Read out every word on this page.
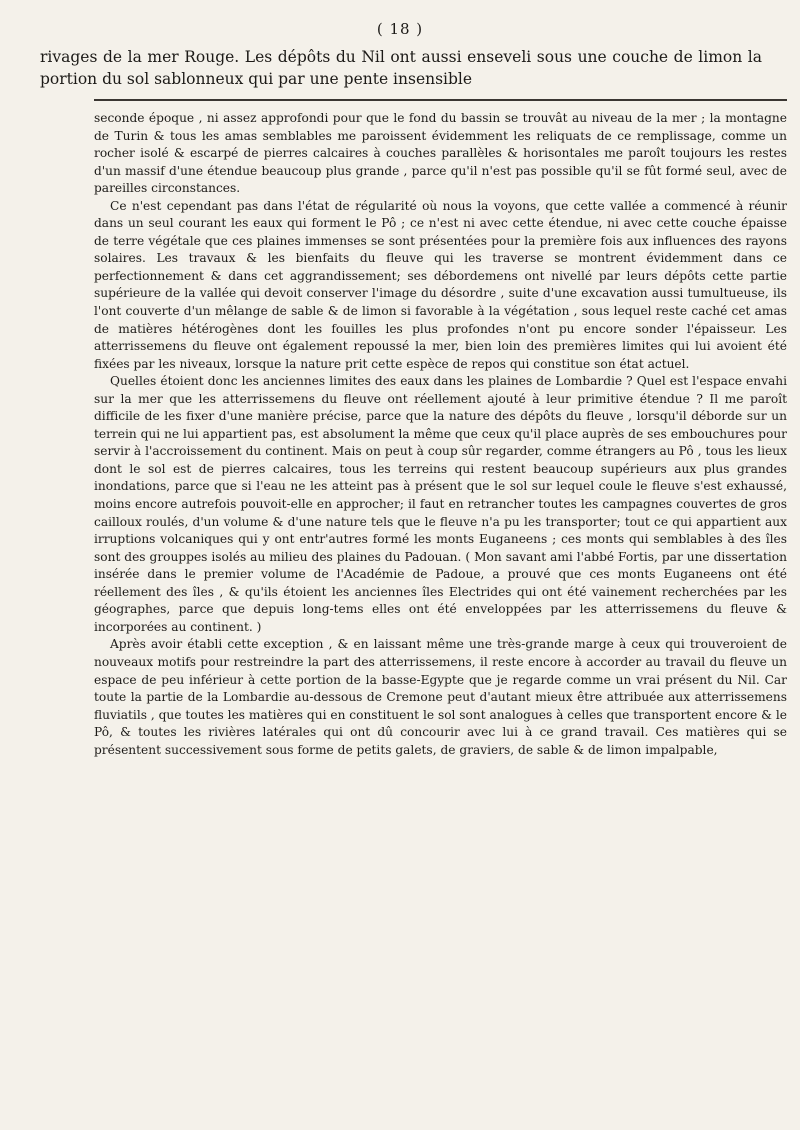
( 18 )
rivages de la mer Rouge. Les dépôts du Nil ont aussi enseveli sous une couche de limon la portion du sol sablonneux qui par une pente insensible

seconde époque , ni assez approfondi pour que le fond du bassin se trouvât au niveau de la mer ; la montagne de Turin & tous les amas semblables me paroissent évidemment les reliquats de ce remplissage, comme un rocher isolé & escarpé de pierres calcaires à couches parallèles & horisontales me paroît toujours les restes d'un massif d'une étendue beaucoup plus grande , parce qu'il n'est pas possible qu'il se fût formé seul, avec de pareilles circonstances.

Ce n'est cependant pas dans l'état de régularité où nous la voyons, que cette vallée a commencé à réunir dans un seul courant les eaux qui forment le Pô ; ce n'est ni avec cette étendue, ni avec cette couche épaisse de terre végétale que ces plaines immenses se sont présentées pour la première fois aux influences des rayons solaires. Les travaux & les bienfaits du fleuve qui les traverse se montrent évidemment dans ce perfectionnement & dans cet aggrandissement; ses débordemens ont nivellé par leurs dépôts cette partie supérieure de la vallée qui devoit conserver l'image du désordre , suite d'une excavation aussi tumultueuse, ils l'ont couverte d'un mêlange de sable & de limon si favorable à la végétation , sous lequel reste caché cet amas de matières hétérogènes dont les fouilles les plus profondes n'ont pu encore sonder l'épaisseur. Les atterrissemens du fleuve ont également repoussé la mer, bien loin des premières limites qui lui avoient été fixées par les niveaux, lorsque la nature prit cette espèce de repos qui constitue son état actuel.

Quelles étoient donc les anciennes limites des eaux dans les plaines de Lombardie ? Quel est l'espace envahi sur la mer que les atterrissemens du fleuve ont réellement ajouté à leur primitive étendue ? Il me paroît difficile de les fixer d'une manière précise, parce que la nature des dépôts du fleuve , lorsqu'il déborde sur un terrein qui ne lui appartient pas, est absolument la même que ceux qu'il place auprès de ses embouchures pour servir à l'accroissement du continent. Mais on peut à coup sûr regarder, comme étrangers au Pô , tous les lieux dont le sol est de pierres calcaires, tous les terreins qui restent beaucoup supérieurs aux plus grandes inondations, parce que si l'eau ne les atteint pas à présent que le sol sur lequel coule le fleuve s'est exhaussé, moins encore autrefois pouvoit-elle en approcher; il faut en retrancher toutes les campagnes couvertes de gros cailloux roulés, d'un volume & d'une nature tels que le fleuve n'a pu les transporter; tout ce qui appartient aux irruptions volcaniques qui y ont entr'autres formé les monts Euganeens ; ces monts qui semblables à des îles sont des grouppes isolés au milieu des plaines du Padouan. ( Mon savant ami l'abbé Fortis, par une dissertation insérée dans le premier volume de l'Académie de Padoue, a prouvé que ces monts Euganeens ont été réellement des îles , & qu'ils étoient les anciennes îles Electrides qui ont été vainement recherchées par les géographes, parce que depuis long-tems elles ont été enveloppées par les atterrissemens du fleuve & incorporées au continent. )

Après avoir établi cette exception , & en laissant même une très-grande marge à ceux qui trouveroient de nouveaux motifs pour restreindre la part des atterrissemens, il reste encore à accorder au travail du fleuve un espace de peu inférieur à cette portion de la basse-Egypte que je regarde comme un vrai présent du Nil. Car toute la partie de la Lombardie au-dessous de Cremone peut d'autant mieux être attribuée aux atterrissemens fluviatils , que toutes les matières qui en constituent le sol sont analogues à celles que transportent encore & le Pô, & toutes les rivières latérales qui ont dû concourir avec lui à ce grand travail. Ces matières qui se présentent successivement sous forme de petits galets, de graviers, de sable & de limon impalpable,
